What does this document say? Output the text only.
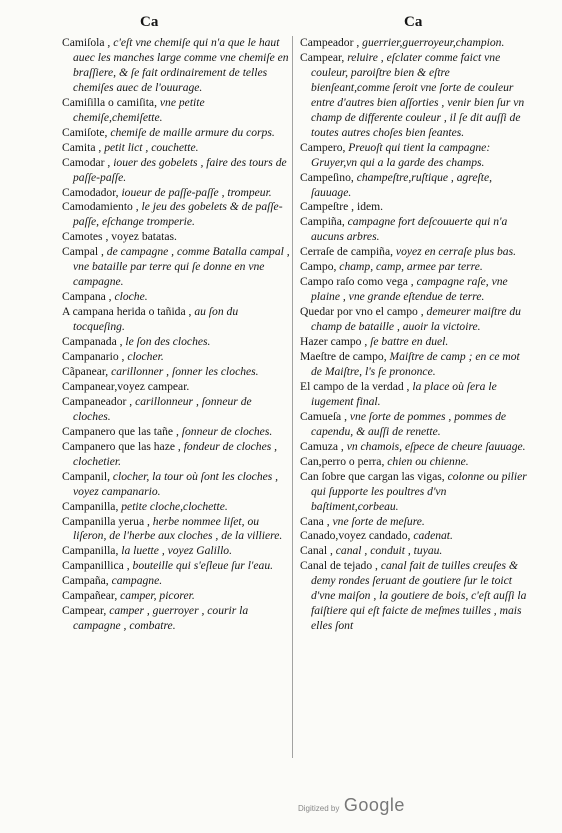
Ca	Ca

Camiſola , c'eſt vne chemiſe qui n'a que le haut auec les manches large comme vne chemiſe en braſſiere, & ſe fait ordinairement de telles chemiſes auec de l'ouurage.

Camiſilla o camiſita, vne petite chemiſe,chemiſette.

Camiſote, chemiſe de maille armure du corps.

Camita , petit lict , couchette.

Camodar , iouer des gobelets , faire des tours de paſſe-paſſe.

Camodador, ioueur de paſſe-paſſe , trompeur.

Camodamiento , le jeu des gobelets & de paſſe-paſſe, eſchange tromperie.

Camotes , voyez batatas.

Campal , de campagne , comme Batalla campal , vne bataille par terre qui ſe donne en vne campagne.

Campana , cloche.

A campana herida o tañida , au ſon du tocqueſing.

Campanada , le ſon des cloches.

Campanario , clocher.

Cãpanear, carillonner , ſonner les cloches.

Campanear,voyez campear.

Campaneador , carillonneur , ſonneur de cloches.

Campanero que las tañe , ſonneur de cloches.

Campanero que las haze , fondeur de cloches , clochetier.

Campanil, clocher, la tour où ſont les cloches , voyez campanario.

Campanilla, petite cloche,clochette.

Campanilla yerua , herbe nommee liſet, ou liſeron, de l'herbe aux cloches , de la villiere.

Campanilla, la luette , voyez Galillo.

Campanillica , bouteille qui s'eſleue ſur l'eau.

Campaña, campagne.

Campañear, camper, picorer.

Campear, camper , guerroyer , courir la campagne , combatre.

Campeador , guerrier,guerroyeur,champion.

Campear, reluire , eſclater comme faict vne couleur, paroiſtre bien & eſtre bienſeant,comme ſeroit vne ſorte de couleur entre d'autres bien aſſorties , venir bien ſur vn champ de differente couleur , il ſe dit auſſi de toutes autres choſes bien ſeantes.

Campero, Preuoſt qui tient la campagne: Gruyer,vn qui a la garde des champs.

Campeſino, champeſtre,ruſtique , agreſte, ſauuage.

Campeſtre , idem.

Campiña, campagne fort deſcouuerte qui n'a aucuns arbres.

Cerraſe de campiña, voyez en cerraſe plus bas.

Campo, champ, camp, armee par terre.

Campo raſo como vega , campagne raſe, vne plaine , vne grande eſtendue de terre.

Quedar por vno el campo , demeurer maiſtre du champ de bataille , auoir la victoire.

Hazer campo , ſe battre en duel.

Maeſtre de campo, Maiſtre de camp ; en ce mot de Maiſtre, l's ſe prononce.

El campo de la verdad , la place où ſera le iugement final.

Camueſa , vne ſorte de pommes , pommes de capendu, & auſſi de renette.

Camuza , vn chamois, eſpece de cheure ſauuage.

Can,perro o perra, chien ou chienne.

Can ſobre que cargan las vigas, colonne ou pilier qui ſupporte les poultres d'vn baſtiment,corbeau.

Cana , vne ſorte de meſure.

Canado,voyez candado, cadenat.

Canal , canal , conduit , tuyau.

Canal de tejado , canal fait de tuilles creuſes & demy rondes ſeruant de goutiere ſur le toict d'vne maiſon , la goutiere de bois, c'eſt auſſi la faiſtiere qui eſt faicte de meſmes tuilles , mais elles ſont

Digitized by Google
